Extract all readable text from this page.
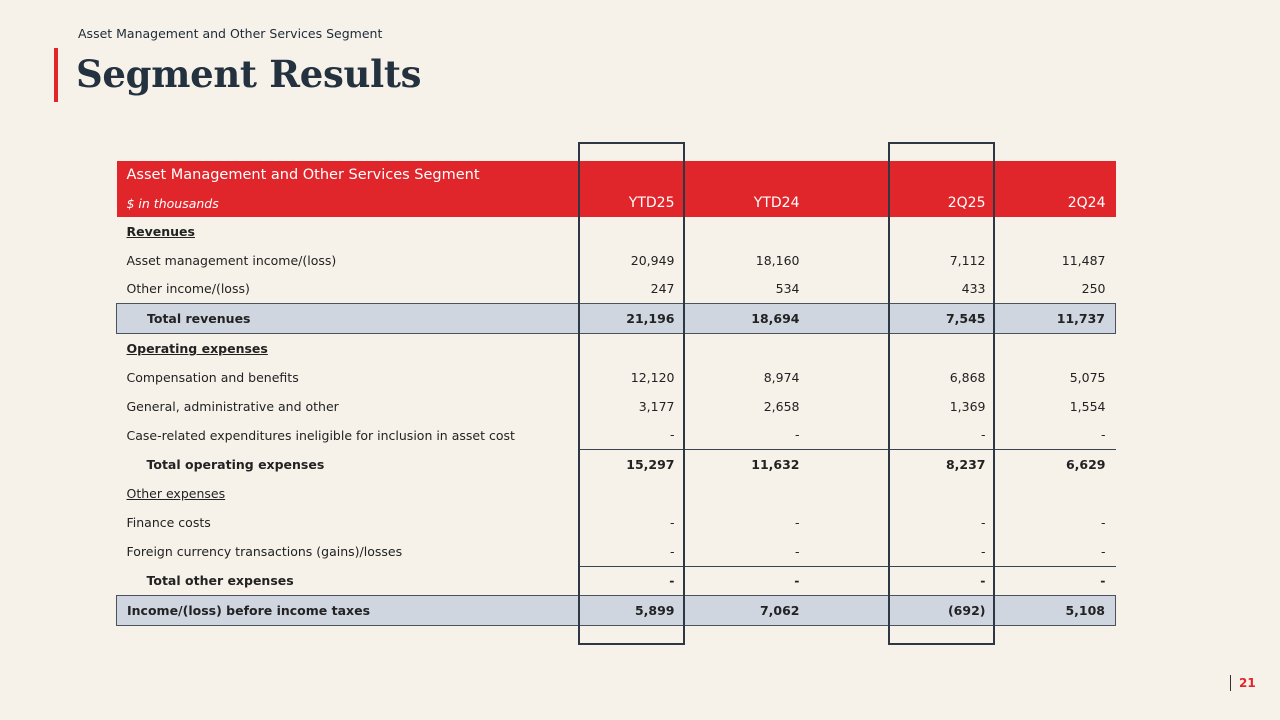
Asset Management and Other Services Segment
Segment Results
Asset Management and Other Services Segment					
$ in thousands	YTD25	YTD24		2Q25	2Q24
Revenues					
Asset management income/(loss)	20,949	18,160		7,112	11,487
Other income/(loss)	247	534		433	250
Total revenues	21,196	18,694		7,545	11,737
Operating expenses					
Compensation and benefits	12,120	8,974		6,868	5,075
General, administrative and other	3,177	2,658		1,369	1,554
Case-related expenditures ineligible for inclusion in asset cost	-	-		-	-
Total operating expenses	15,297	11,632		8,237	6,629
Other expenses					
Finance costs	-	-		-	-
Foreign currency transactions (gains)/losses	-	-		-	-
Total other expenses	-	-		-	-
Income/(loss) before income taxes	5,899	7,062		(692)	5,108
21
